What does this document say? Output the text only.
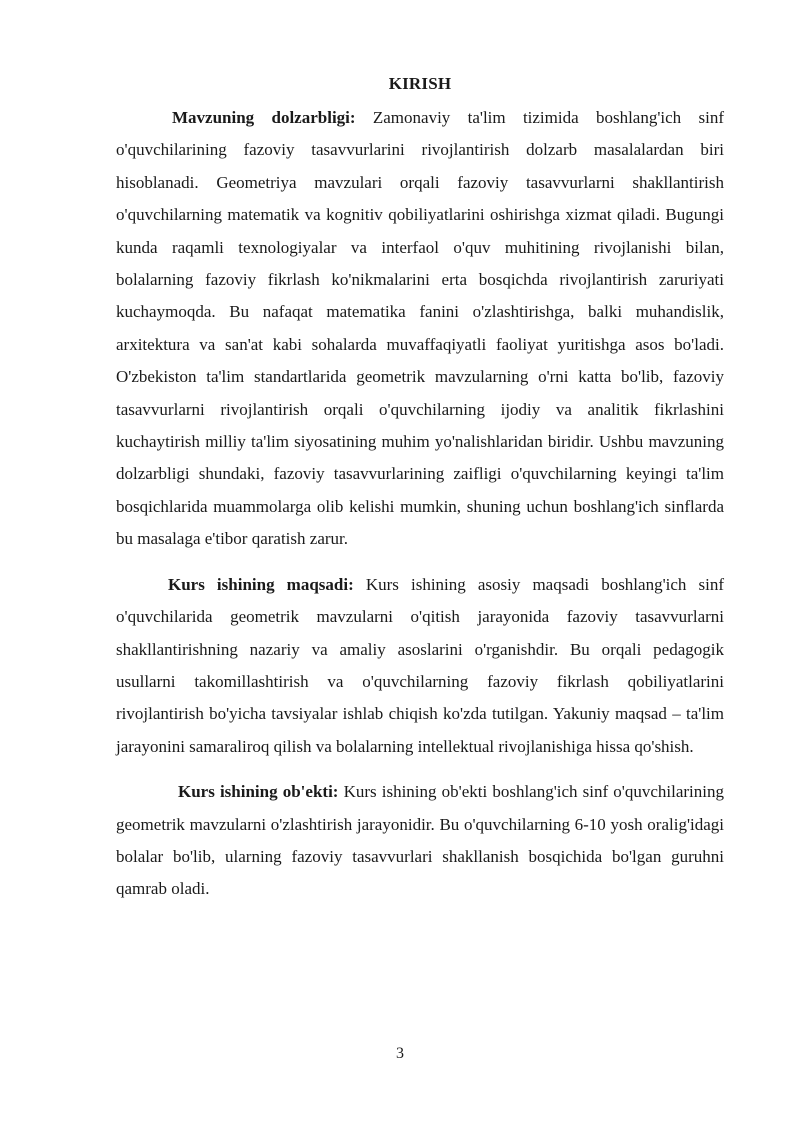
KIRISH

Mavzuning dolzarbligi: Zamonaviy ta'lim tizimida boshlang'ich sinf o'quvchilarining fazoviy tasavvurlarini rivojlantirish dolzarb masalalardan biri hisoblanadi. Geometriya mavzulari orqali fazoviy tasavvurlarni shakllantirish o'quvchilarning matematik va kognitiv qobiliyatlarini oshirishga xizmat qiladi. Bugungi kunda raqamli texnologiyalar va interfaol o'quv muhitining rivojlanishi bilan, bolalarning fazoviy fikrlash ko'nikmalarini erta bosqichda rivojlantirish zaruriyati kuchaymoqda. Bu nafaqat matematika fanini o'zlashtirishga, balki muhandislik, arxitektura va san'at kabi sohalarda muvaffaqiyatli faoliyat yuritishga asos bo'ladi. O'zbekiston ta'lim standartlarida geometrik mavzularning o'rni katta bo'lib, fazoviy tasavvurlarni rivojlantirish orqali o'quvchilarning ijodiy va analitik fikrlashini kuchaytirish milliy ta'lim siyosatining muhim yo'nalishlaridan biridir. Ushbu mavzuning dolzarbligi shundaki, fazoviy tasavvurlarining zaifligi o'quvchilarning keyingi ta'lim bosqichlarida muammolarga olib kelishi mumkin, shuning uchun boshlang'ich sinflarda bu masalaga e'tibor qaratish zarur.

Kurs ishining maqsadi: Kurs ishining asosiy maqsadi boshlang'ich sinf o'quvchilarida geometrik mavzularni o'qitish jarayonida fazoviy tasavvurlarni shakllantirishning nazariy va amaliy asoslarini o'rganishdir. Bu orqali pedagogik usullarni takomillashtirish va o'quvchilarning fazoviy fikrlash qobiliyatlarini rivojlantirish bo'yicha tavsiyalar ishlab chiqish ko'zda tutilgan. Yakuniy maqsad – ta'lim jarayonini samaraliroq qilish va bolalarning intellektual rivojlanishiga hissa qo'shish.

Kurs ishining ob'ekti: Kurs ishining ob'ekti boshlang'ich sinf o'quvchilarining geometrik mavzularni o'zlashtirish jarayonidir. Bu o'quvchilarning 6-10 yosh oralig'idagi bolalar bo'lib, ularning fazoviy tasavvurlari shakllanish bosqichida bo'lgan guruhni qamrab oladi.

3
